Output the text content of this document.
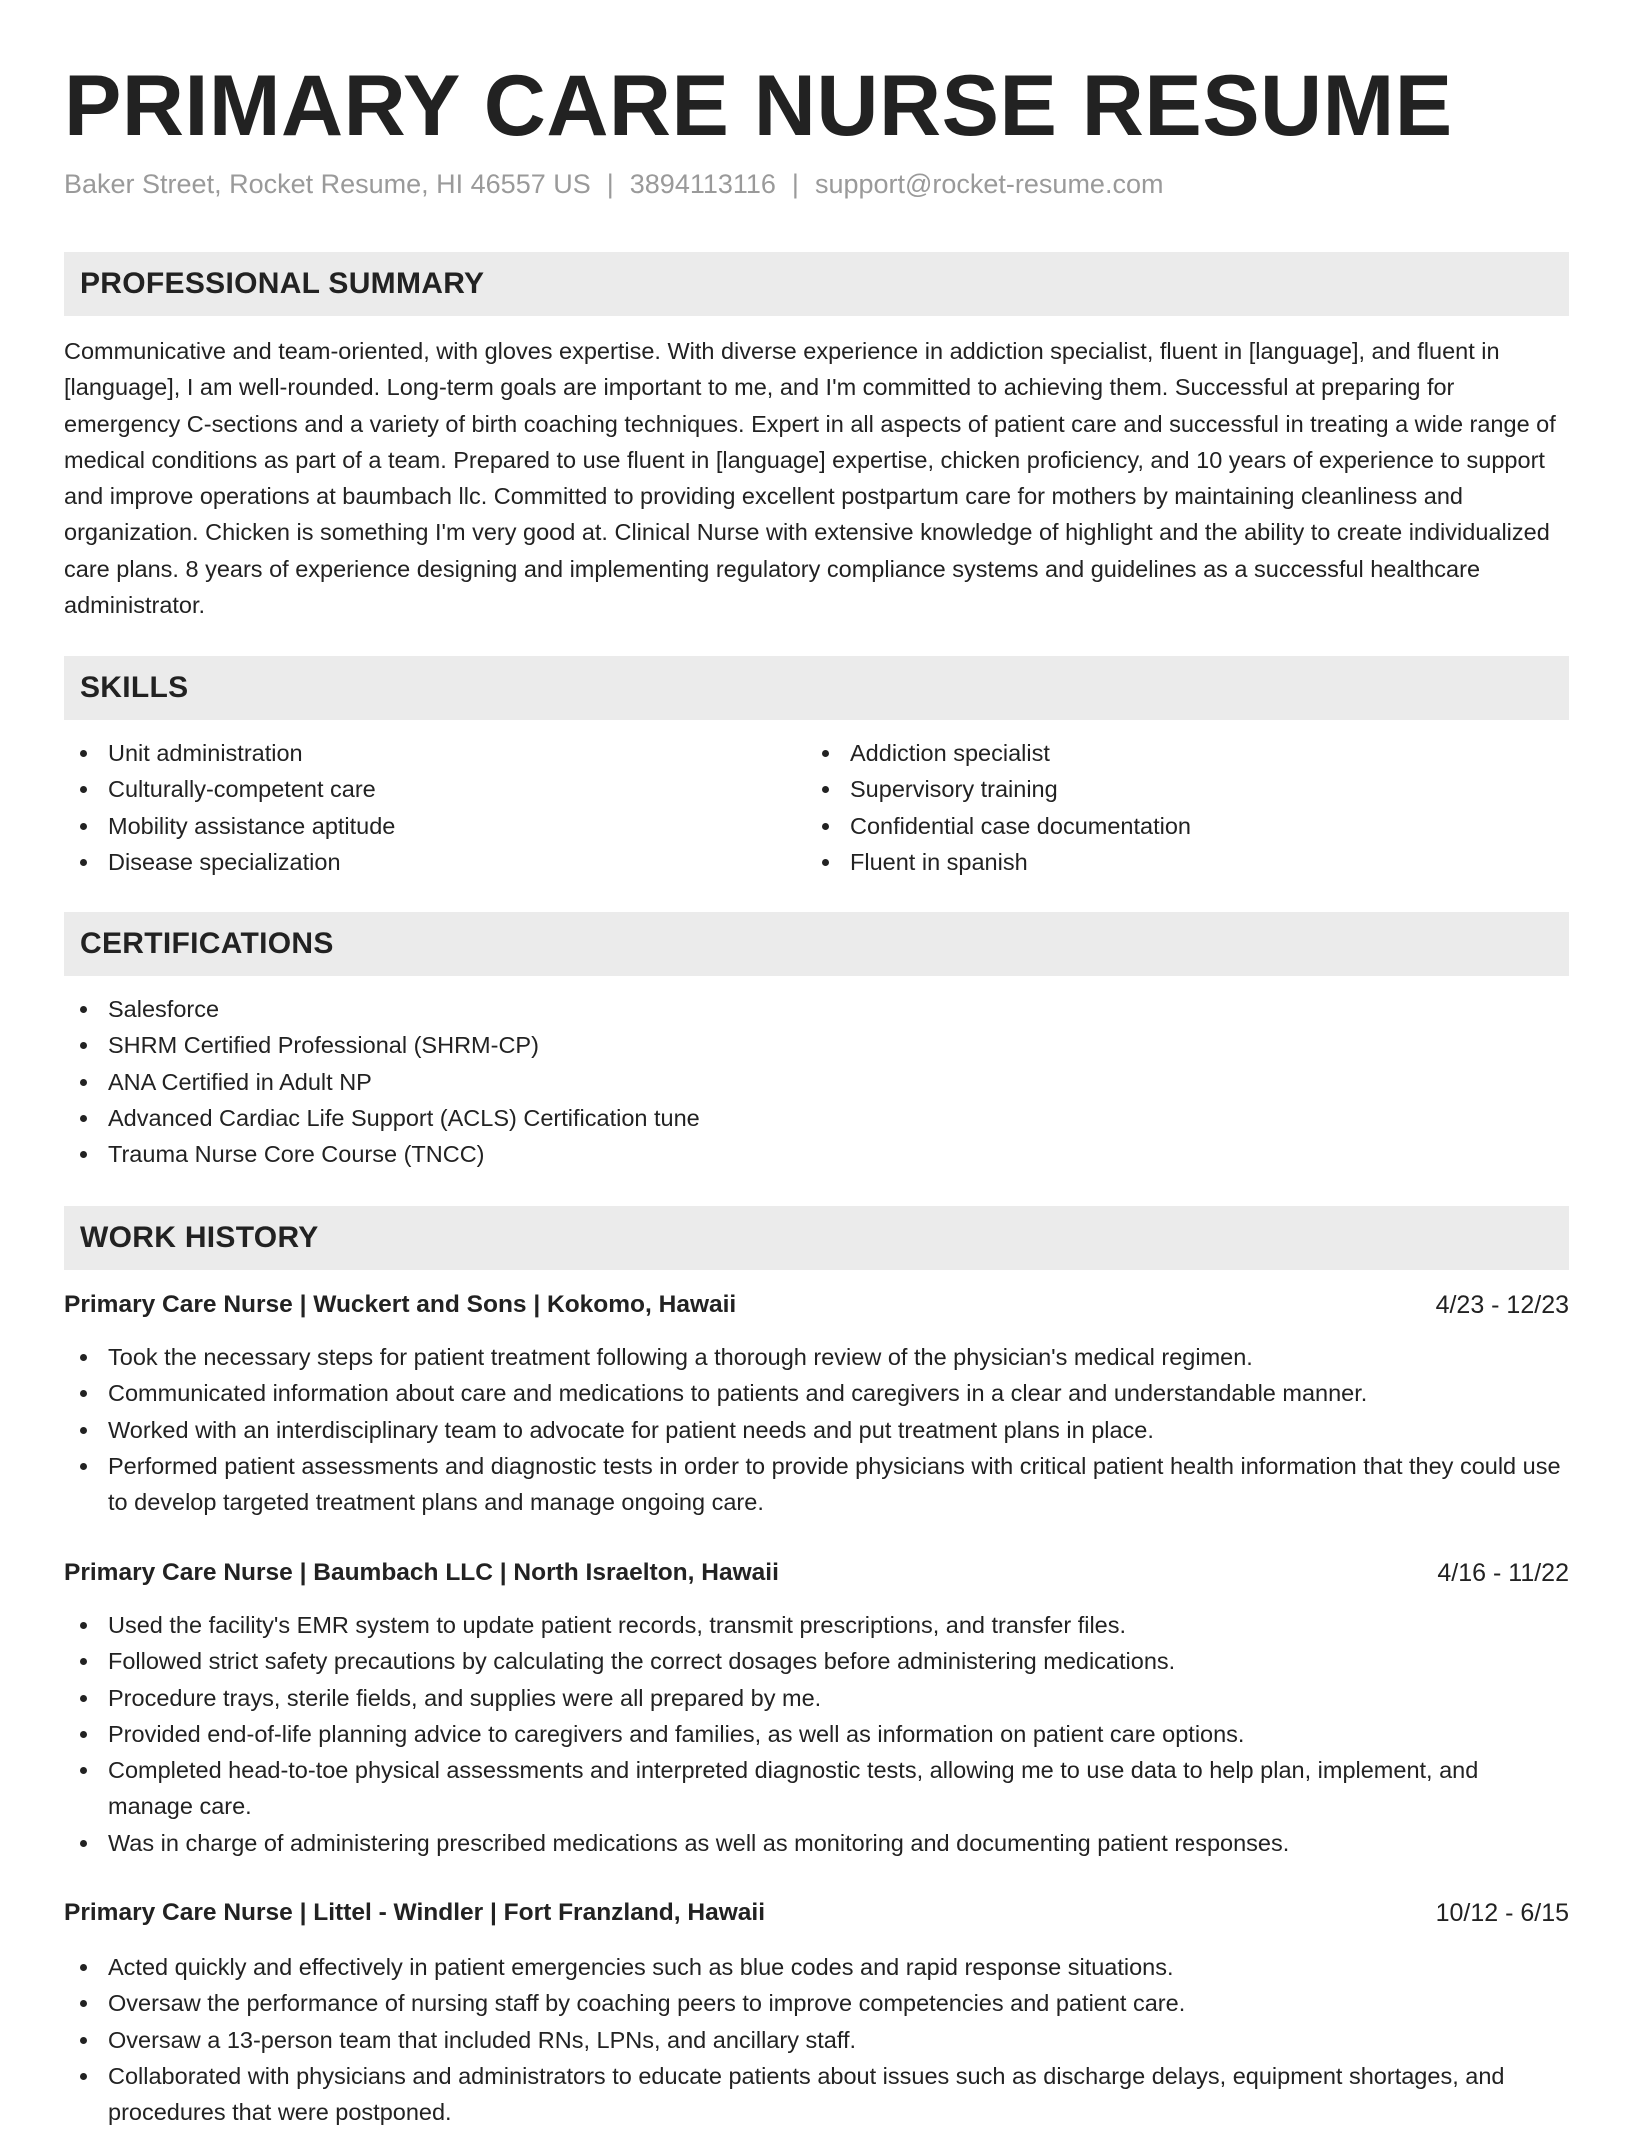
PRIMARY CARE NURSE RESUME
Baker Street, Rocket Resume, HI 46557 US | 3894113116 | support@rocket-resume.com
PROFESSIONAL SUMMARY

Communicative and team-oriented, with gloves expertise. With diverse experience in addiction specialist, fluent in [language], and fluent in [language], I am well-rounded. Long-term goals are important to me, and I'm committed to achieving them. Successful at preparing for emergency C-sections and a variety of birth coaching techniques. Expert in all aspects of patient care and successful in treating a wide range of medical conditions as part of a team. Prepared to use fluent in [language] expertise, chicken proficiency, and 10 years of experience to support and improve operations at baumbach llc. Committed to providing excellent postpartum care for mothers by maintaining cleanliness and organization. Chicken is something I'm very good at. Clinical Nurse with extensive knowledge of highlight and the ability to create individualized care plans. 8 years of experience designing and implementing regulatory compliance systems and guidelines as a successful healthcare administrator.

SKILLS
Unit administration
Culturally-competent care
Mobility assistance aptitude
Disease specialization
Addiction specialist
Supervisory training
Confidential case documentation
Fluent in spanish
CERTIFICATIONS
Salesforce
SHRM Certified Professional (SHRM-CP)
ANA Certified in Adult NP
Advanced Cardiac Life Support (ACLS) Certification tune
Trauma Nurse Core Course (TNCC)
WORK HISTORY
Primary Care Nurse | Wuckert and Sons | Kokomo, Hawaii	4/23 - 12/23
Took the necessary steps for patient treatment following a thorough review of the physician's medical regimen.
Communicated information about care and medications to patients and caregivers in a clear and understandable manner.
Worked with an interdisciplinary team to advocate for patient needs and put treatment plans in place.
Performed patient assessments and diagnostic tests in order to provide physicians with critical patient health information that they could use to develop targeted treatment plans and manage ongoing care.
Primary Care Nurse | Baumbach LLC | North Israelton, Hawaii	4/16 - 11/22
Used the facility's EMR system to update patient records, transmit prescriptions, and transfer files.
Followed strict safety precautions by calculating the correct dosages before administering medications.
Procedure trays, sterile fields, and supplies were all prepared by me.
Provided end-of-life planning advice to caregivers and families, as well as information on patient care options.
Completed head-to-toe physical assessments and interpreted diagnostic tests, allowing me to use data to help plan, implement, and manage care.
Was in charge of administering prescribed medications as well as monitoring and documenting patient responses.
Primary Care Nurse | Littel - Windler | Fort Franzland, Hawaii	10/12 - 6/15
Acted quickly and effectively in patient emergencies such as blue codes and rapid response situations.
Oversaw the performance of nursing staff by coaching peers to improve competencies and patient care.
Oversaw a 13-person team that included RNs, LPNs, and ancillary staff.
Collaborated with physicians and administrators to educate patients about issues such as discharge delays, equipment shortages, and procedures that were postponed.
